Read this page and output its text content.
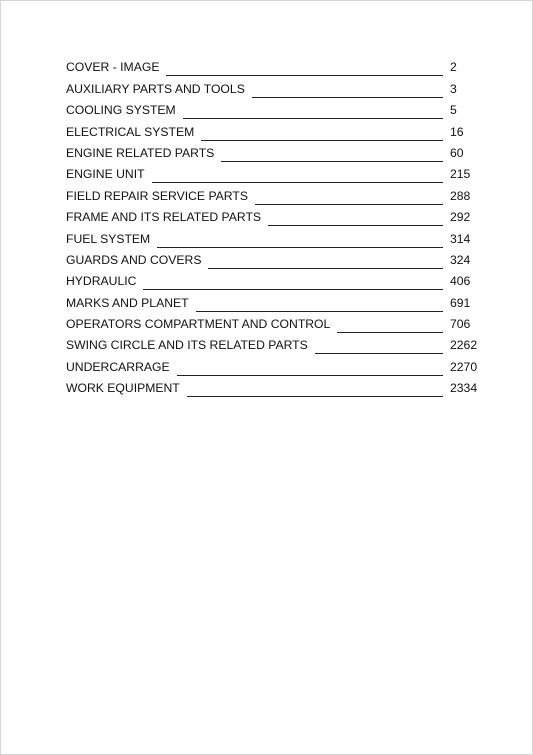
COVER - IMAGE	2
AUXILIARY PARTS AND TOOLS	3
COOLING SYSTEM	5
ELECTRICAL SYSTEM	16
ENGINE RELATED PARTS	60
ENGINE UNIT	215
FIELD REPAIR SERVICE PARTS	288
FRAME AND ITS RELATED PARTS	292
FUEL SYSTEM	314
GUARDS AND COVERS	324
HYDRAULIC	406
MARKS AND PLANET	691
OPERATORS COMPARTMENT AND CONTROL	706
SWING CIRCLE AND ITS RELATED PARTS	2262
UNDERCARRAGE	2270
WORK EQUIPMENT	2334
